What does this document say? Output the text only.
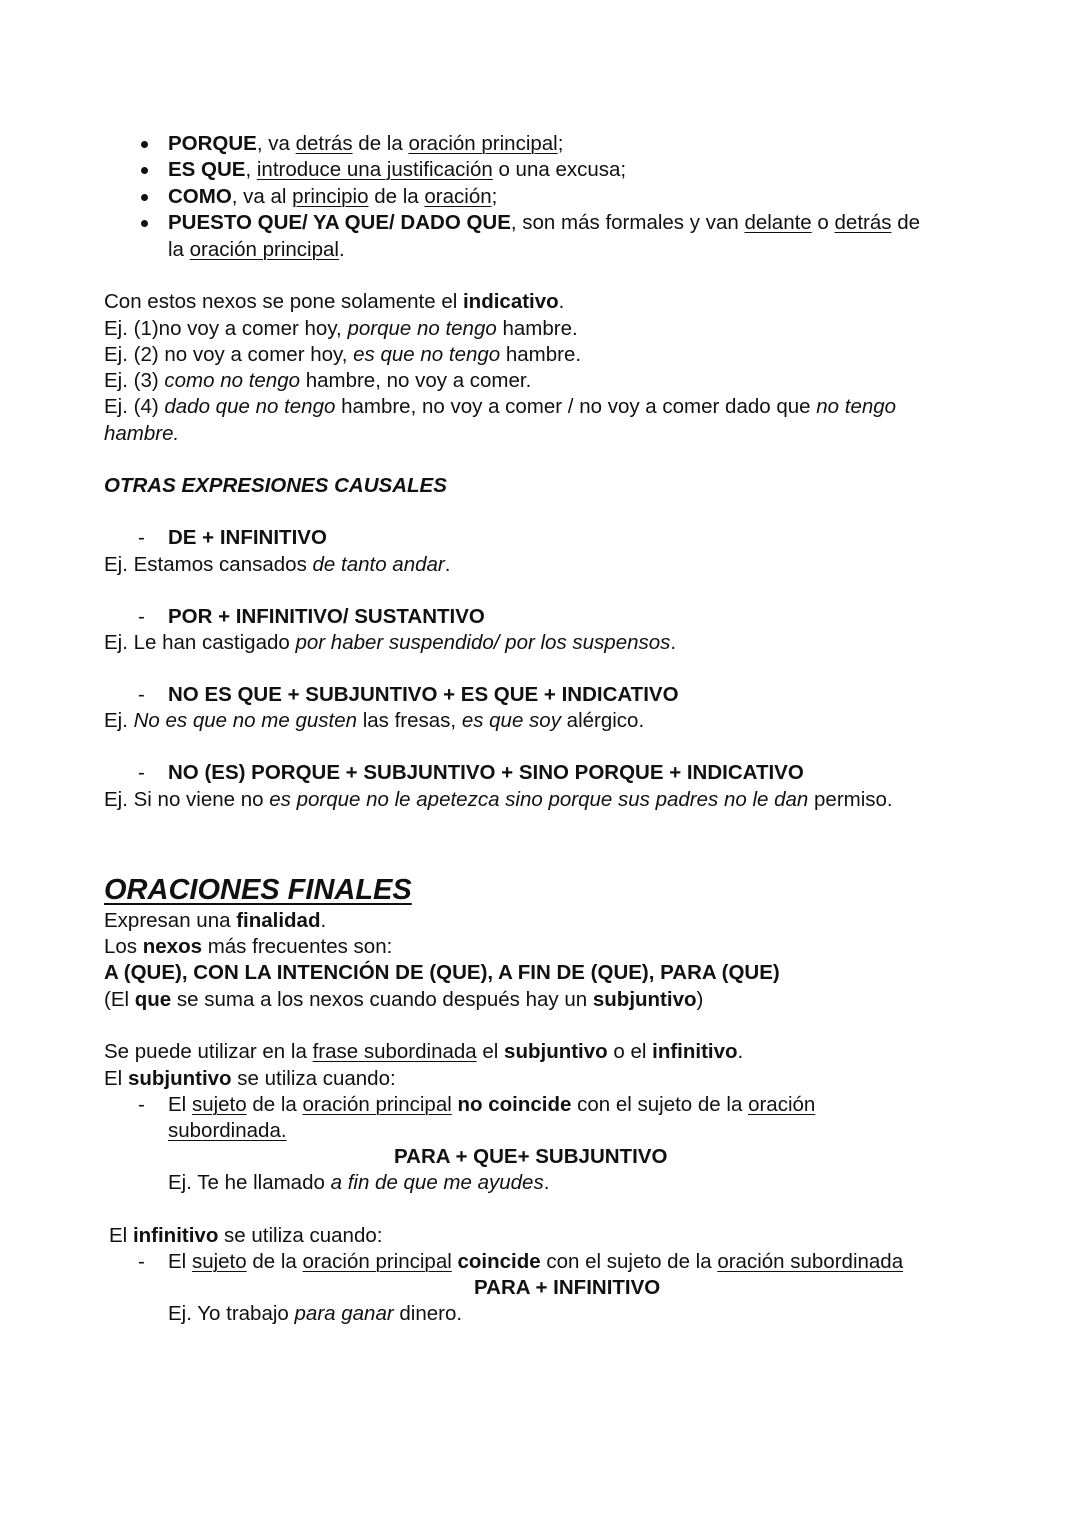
PORQUE, va detrás de la oración principal;
ES QUE, introduce una justificación o una excusa;
COMO, va al principio de la oración;
PUESTO QUE/ YA QUE/ DADO QUE, son más formales y van delante o detrás de
la oración principal.
Con estos nexos se pone solamente el indicativo.
Ej. (1)no voy a comer hoy, porque no tengo hambre.
Ej. (2) no voy a comer hoy, es que no tengo hambre.
Ej. (3) como no tengo hambre, no voy a comer.
Ej. (4) dado que no tengo hambre, no voy a comer / no voy a comer dado que no tengo
hambre.
OTRAS EXPRESIONES CAUSALES
- DE + INFINITIVO
Ej. Estamos cansados de tanto andar.
- POR + INFINITIVO/ SUSTANTIVO
Ej. Le han castigado por haber suspendido/ por los suspensos.
- NO ES QUE + SUBJUNTIVO + ES QUE + INDICATIVO
Ej. No es que no me gusten las fresas, es que soy alérgico.
- NO (ES) PORQUE + SUBJUNTIVO + SINO PORQUE + INDICATIVO
Ej. Si no viene no es porque no le apetezca sino porque sus padres no le dan permiso.
ORACIONES FINALES
Expresan una finalidad.
Los nexos más frecuentes son:
A (QUE), CON LA INTENCIÓN DE (QUE), A FIN DE (QUE), PARA (QUE)
(El que se suma a los nexos cuando después hay un subjuntivo)
Se puede utilizar en la frase subordinada el subjuntivo o el infinitivo.
El subjuntivo se utiliza cuando:
- El sujeto de la oración principal no coincide con el sujeto de la oración
subordinada.
PARA + QUE+ SUBJUNTIVO
Ej. Te he llamado a fin de que me ayudes.
El infinitivo se utiliza cuando:
- El sujeto de la oración principal coincide con el sujeto de la oración subordinada
PARA + INFINITIVO
Ej. Yo trabajo para ganar dinero.
